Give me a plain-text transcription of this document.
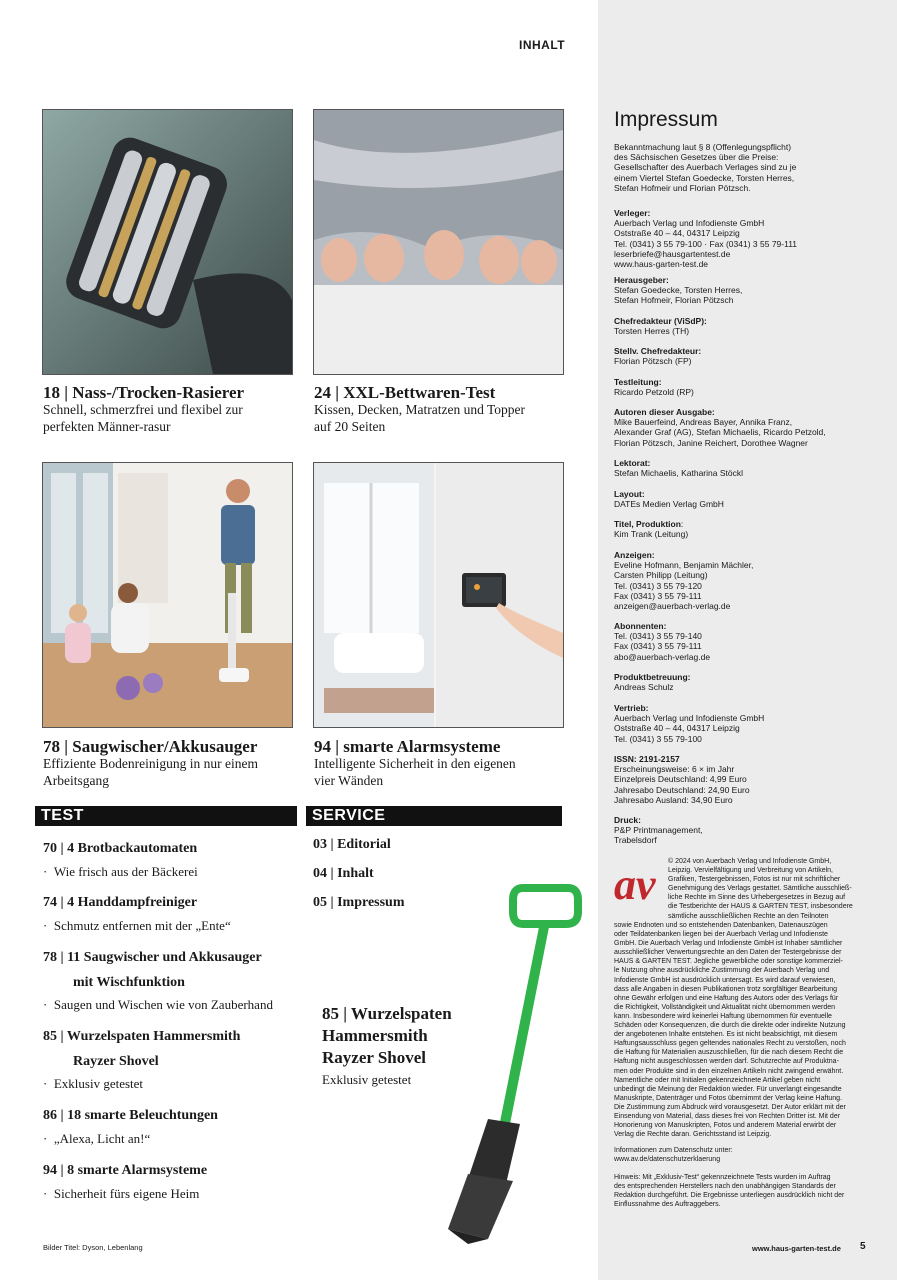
INHALT
18 | Nass-/Trocken-Rasierer
Schnell, schmerzfrei und flexibel zur
perfekten Männer-rasur
24 | XXL-Bettwaren-Test
Kissen, Decken, Matratzen und Topper
auf 20 Seiten
78 | Saugwischer/Akkusauger
Effiziente Bodenreinigung in nur einem
Arbeitsgang
94 | smarte Alarmsysteme
Intelligente Sicherheit in den eigenen
vier Wänden
TEST
70 | 4 Brotbackautomaten
·  Wie frisch aus der Bäckerei
74 | 4 Handdampfreiniger
·  Schmutz entfernen mit der „Ente“
78 | 11 Saugwischer und Akkusauger
mit Wischfunktion
·  Saugen und Wischen wie von Zauberhand
85 | Wurzelspaten Hammersmith
Rayzer Shovel
·  Exklusiv getestet
86 | 18 smarte Beleuchtungen
·  „Alexa, Licht an!“
94 | 8 smarte Alarmsysteme
·  Sicherheit fürs eigene Heim
SERVICE
03 | Editorial
04 | Inhalt
05 | Impressum
85 | Wurzelspaten
Hammersmith
Rayzer Shovel
Exklusiv getestet
Impressum
Bekanntmachung laut § 8 (Offenlegungspflicht)
des Sächsischen Gesetzes über die Preise:
Gesellschafter des Auerbach Verlages sind zu je
einem Viertel Stefan Goedecke, Torsten Herres,
Stefan Hofmeir und Florian Pötzsch.
Verleger:
Auerbach Verlag und Infodienste GmbH
Oststraße 40 – 44, 04317 Leipzig
Tel. (0341) 3 55 79-100 · Fax (0341) 3 55 79-111
leserbriefe@hausgartentest.de
www.haus-garten-test.de
Herausgeber:
Stefan Goedecke, Torsten Herres,
Stefan Hofmeir, Florian Pötzsch
Chefredakteur (ViSdP):
Torsten Herres (TH)
Stellv. Chefredakteur:
Florian Pötzsch (FP)
Testleitung:
Ricardo Petzold (RP)
Autoren dieser Ausgabe:
Mike Bauerfeind, Andreas Bayer, Annika Franz,
Alexander Graf (AG), Stefan Michaelis, Ricardo Petzold,
Florian Pötzsch, Janine Reichert, Dorothee Wagner
Lektorat:
Stefan Michaelis, Katharina Stöckl
Layout:
DATEs Medien Verlag GmbH
Titel, Produktion:
Kim Trank (Leitung)
Anzeigen:
Eveline Hofmann, Benjamin Mächler,
Carsten Philipp (Leitung)
Tel. (0341) 3 55 79-120
Fax (0341) 3 55 79-111
anzeigen@auerbach-verlag.de
Abonnenten:
Tel. (0341) 3 55 79-140
Fax (0341) 3 55 79-111
abo@auerbach-verlag.de
Produktbetreuung:
Andreas Schulz
Vertrieb:
Auerbach Verlag und Infodienste GmbH
Oststraße 40 – 44, 04317 Leipzig
Tel. (0341) 3 55 79-100
ISSN: 2191-2157
Erscheinungsweise: 6 × im Jahr
Einzelpreis Deutschland: 4,99 Euro
Jahresabo Deutschland: 24,90 Euro
Jahresabo Ausland: 34,90 Euro
Druck:
P&P Printmanagement,
Trabelsdorf
av © 2024 von Auerbach Verlag und Infodienste GmbH,
Leipzig. Vervielfältigung und Verbreitung von Artikeln,
Grafiken, Testergebnissen, Fotos ist nur mit schriftlicher
Genehmigung des Verlags gestattet. Sämtliche ausschließ-
liche Rechte im Sinne des Urhebergesetzes in Bezug auf
die Testberichte der HAUS & GARTEN TEST, insbesondere
sämtliche ausschließlichen Rechte an den Teilnoten
sowie Endnoten und so entstehenden Datenbanken, Datenauszügen
oder Teildatenbanken liegen bei der Auerbach Verlag und Infodienste
GmbH. Die Auerbach Verlag und Infodienste GmbH ist Inhaber sämtlicher
ausschließlicher Verwertungsrechte an den Daten der Testergebnisse der
HAUS & GARTEN TEST. Jegliche gewerbliche oder sonstige kommerziel-
le Nutzung ohne ausdrückliche Zustimmung der Auerbach Verlag und
Infodienste GmbH ist ausdrücklich untersagt. Es wird darauf verwiesen,
dass alle Angaben in diesen Publikationen trotz sorgfältiger Bearbeitung
ohne Gewähr erfolgen und eine Haftung des Autors oder des Verlags für
die Richtigkeit, Vollständigkeit und Aktualität nicht übernommen werden
kann. Insbesondere wird keinerlei Haftung übernommen für eventuelle
Schäden oder Konsequenzen, die durch die direkte oder indirekte Nutzung
der angebotenen Inhalte entstehen. Es ist nicht beabsichtigt, mit diesem
Haftungsausschluss gegen geltendes nationales Recht zu verstoßen, noch
die Haftung für Materialien auszuschließen, für die nach diesem Recht die
Haftung nicht ausgeschlossen werden darf. Schutzrechte auf Produktna-
men oder Produkte sind in den einzelnen Artikeln nicht zwingend erwähnt.
Namentliche oder mit Initialen gekennzeichnete Artikel geben nicht
unbedingt die Meinung der Redaktion wieder. Für unverlangt eingesandte
Manuskripte, Datenträger und Fotos übernimmt der Verlag keine Haftung.
Die Zustimmung zum Abdruck wird vorausgesetzt. Der Autor erklärt mit der
Einsendung von Material, dass dieses frei von Rechten Dritter ist. Mit der
Honorierung von Manuskripten, Fotos und anderem Material erwirbt der
Verlag die Rechte daran. Gerichtsstand ist Leipzig.
Informationen zum Datenschutz unter:
www.av.de/datenschutzerklaerung
Hinweis: Mit „Exklusiv-Test“ gekennzeichnete Tests wurden im Auftrag
des entsprechenden Herstellers nach den unabhängigen Standards der
Redaktion durchgeführt. Die Ergebnisse unterliegen ausdrücklich nicht der
Einflussnahme des Auftraggebers.
Bilder Titel: Dyson, Lebenlang	www.haus-garten-test.de 5
